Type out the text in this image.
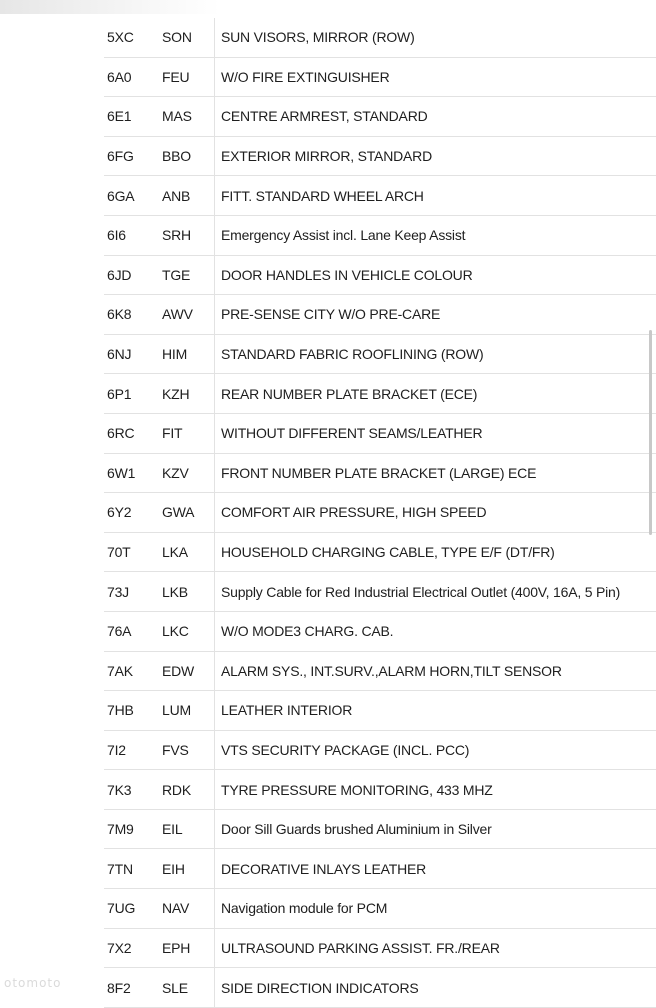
5XC	SON	SUN VISORS, MIRROR (ROW)
6A0	FEU	W/O FIRE EXTINGUISHER
6E1	MAS	CENTRE ARMREST, STANDARD
6FG	BBO	EXTERIOR MIRROR, STANDARD
6GA	ANB	FITT. STANDARD WHEEL ARCH
6I6	SRH	Emergency Assist incl. Lane Keep Assist
6JD	TGE	DOOR HANDLES IN VEHICLE COLOUR
6K8	AWV	PRE-SENSE CITY W/O PRE-CARE
6NJ	HIM	STANDARD FABRIC ROOFLINING (ROW)
6P1	KZH	REAR NUMBER PLATE BRACKET (ECE)
6RC	FIT	WITHOUT DIFFERENT SEAMS/LEATHER
6W1	KZV	FRONT NUMBER PLATE BRACKET (LARGE) ECE
6Y2	GWA	COMFORT AIR PRESSURE, HIGH SPEED
70T	LKA	HOUSEHOLD CHARGING CABLE, TYPE E/F (DT/FR)
73J	LKB	Supply Cable for Red Industrial Electrical Outlet (400V, 16A, 5 Pin)
76A	LKC	W/O MODE3 CHARG. CAB.
7AK	EDW	ALARM SYS., INT.SURV.,ALARM HORN,TILT SENSOR
7HB	LUM	LEATHER INTERIOR
7I2	FVS	VTS SECURITY PACKAGE (INCL. PCC)
7K3	RDK	TYRE PRESSURE MONITORING, 433 MHZ
7M9	EIL	Door Sill Guards brushed Aluminium in Silver
7TN	EIH	DECORATIVE INLAYS LEATHER
7UG	NAV	Navigation module for PCM
7X2	EPH	ULTRASOUND PARKING ASSIST. FR./REAR
8F2	SLE	SIDE DIRECTION INDICATORS
otomoto
